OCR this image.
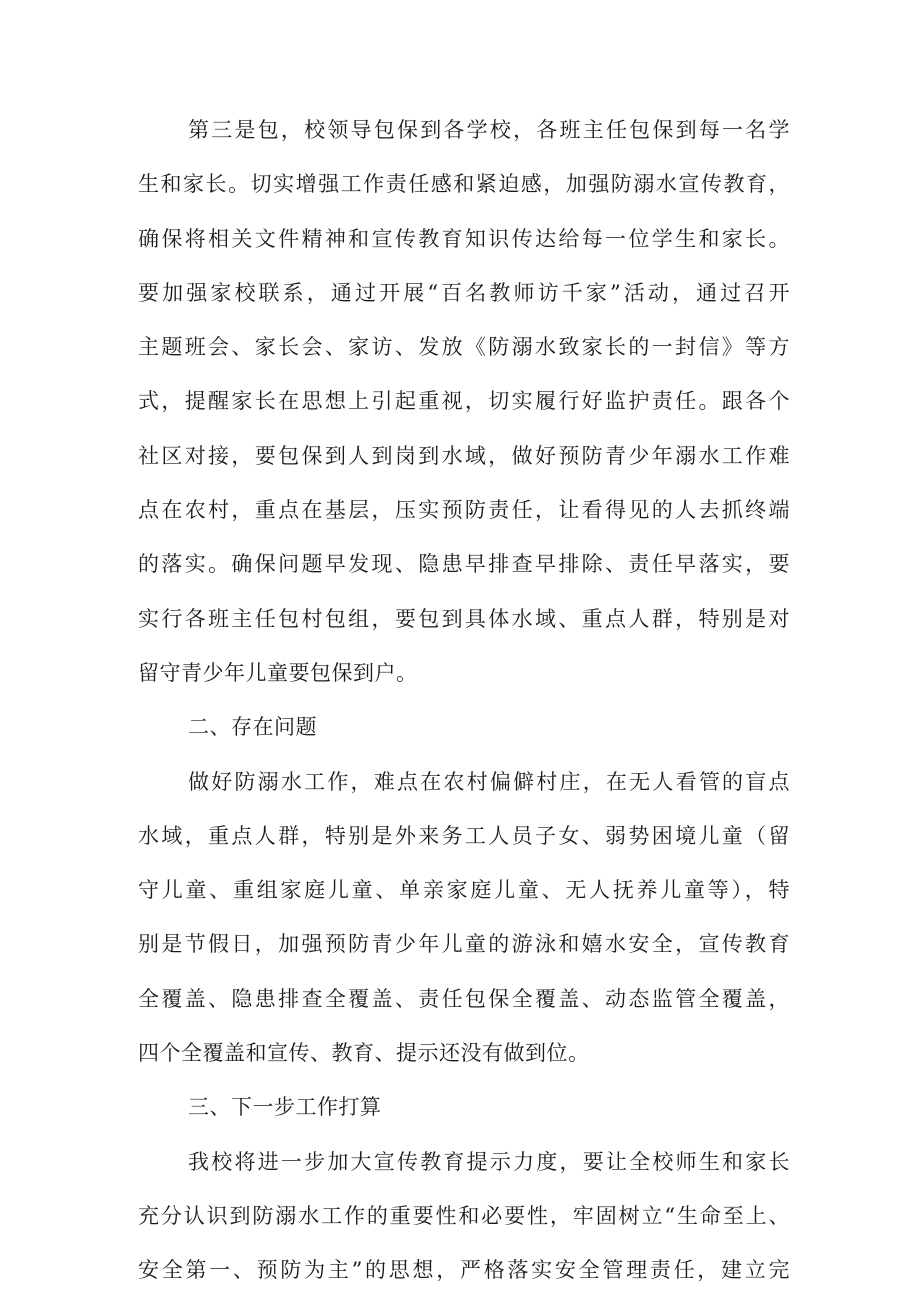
第三是包，校领导包保到各学校，各班主任包保到每一名学
生和家长。切实增强工作责任感和紧迫感，加强防溺水宣传教育，
确保将相关文件精神和宣传教育知识传达给每一位学生和家长。
要加强家校联系，通过开展“百名教师访千家”活动，通过召开
主题班会、家长会、家访、发放《防溺水致家长的一封信》等方
式，提醒家长在思想上引起重视，切实履行好监护责任。跟各个
社区对接，要包保到人到岗到水域，做好预防青少年溺水工作难
点在农村，重点在基层，压实预防责任，让看得见的人去抓终端
的落实。确保问题早发现、隐患早排查早排除、责任早落实，要
实行各班主任包村包组，要包到具体水域、重点人群，特别是对
留守青少年儿童要包保到户。
二、存在问题
做好防溺水工作，难点在农村偏僻村庄，在无人看管的盲点
水域，重点人群，特别是外来务工人员子女、弱势困境儿童（留
守儿童、重组家庭儿童、单亲家庭儿童、无人抚养儿童等），特
别是节假日，加强预防青少年儿童的游泳和嬉水安全，宣传教育
全覆盖、隐患排查全覆盖、责任包保全覆盖、动态监管全覆盖，
四个全覆盖和宣传、教育、提示还没有做到位。
三、下一步工作打算
我校将进一步加大宣传教育提示力度，要让全校师生和家长
充分认识到防溺水工作的重要性和必要性，牢固树立“生命至上、
安全第一、预防为主”的思想，严格落实安全管理责任，建立完
